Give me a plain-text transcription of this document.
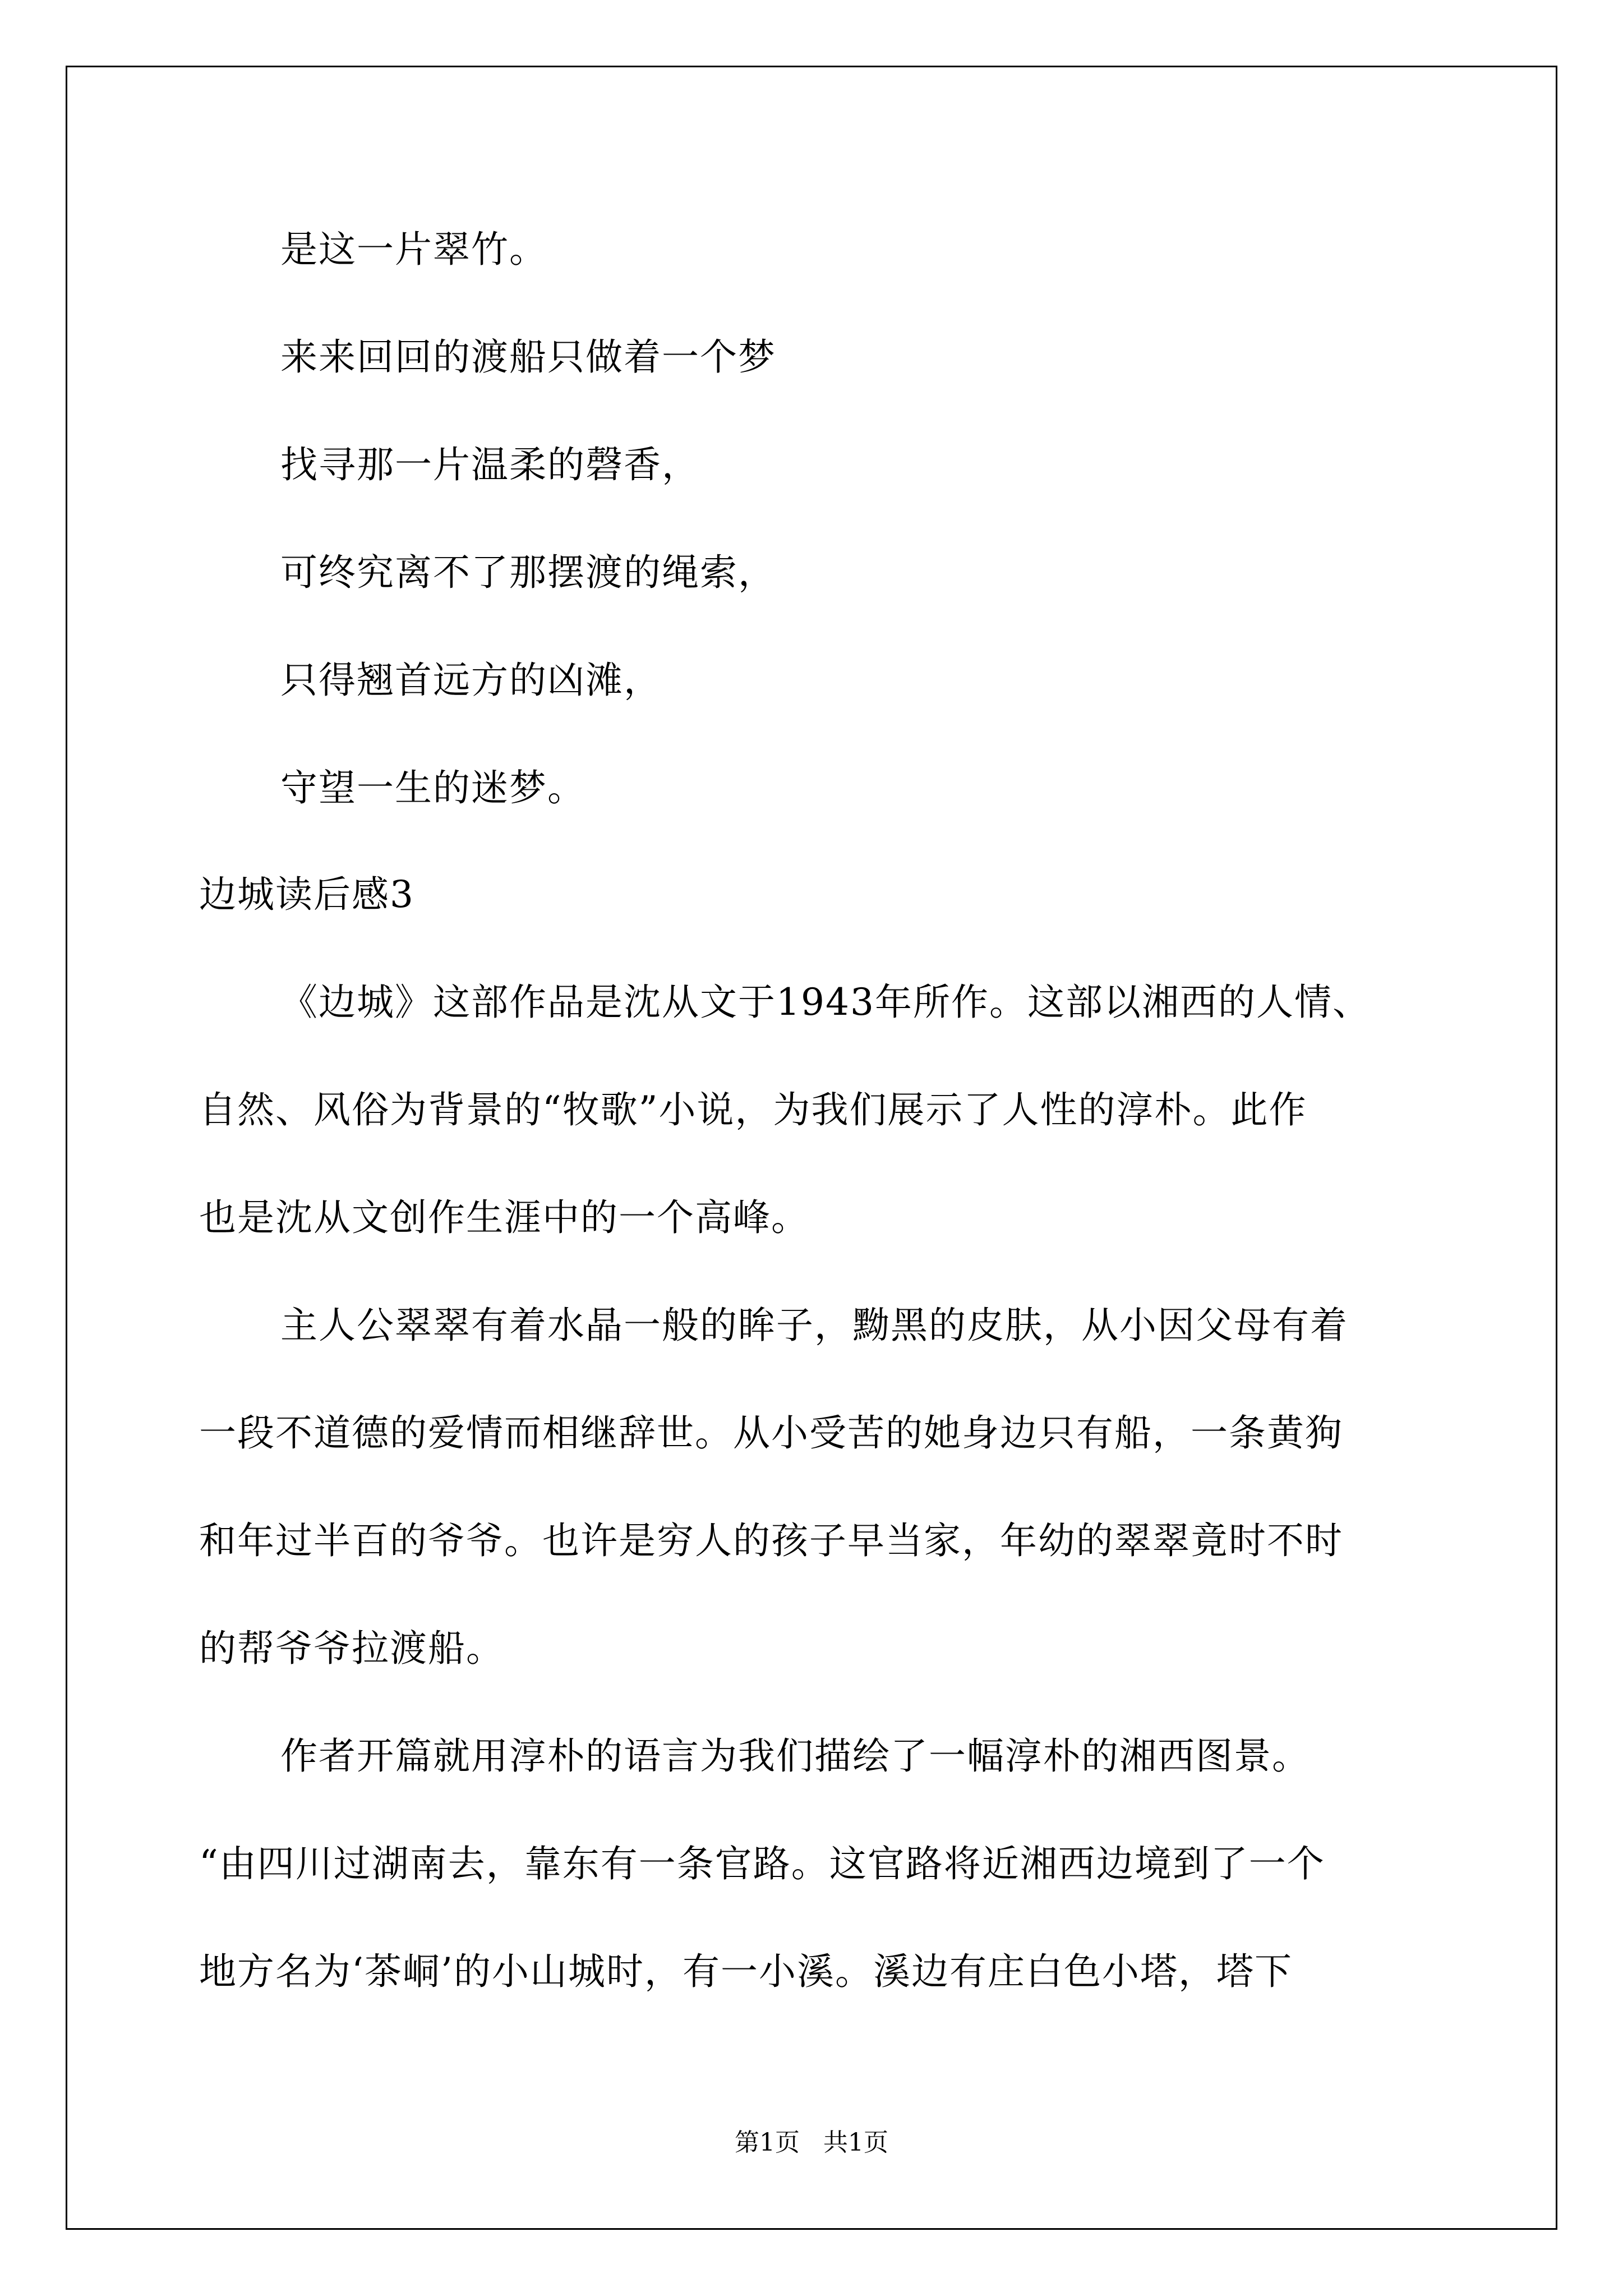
是这一片翠竹。
来来回回的渡船只做着一个梦
找寻那一片温柔的磬香，
可终究离不了那摆渡的绳索，
只得翘首远方的凶滩，
守望一生的迷梦。
边城读后感3
《边城》这部作品是沈从文于1943年所作。这部以湘西的人情、
自然、风俗为背景的“牧歌”小说，为我们展示了人性的淳朴。此作
也是沈从文创作生涯中的一个高峰。
主人公翠翠有着水晶一般的眸子，黝黑的皮肤，从小因父母有着
一段不道德的爱情而相继辞世。从小受苦的她身边只有船，一条黄狗
和年过半百的爷爷。也许是穷人的孩子早当家，年幼的翠翠竟时不时
的帮爷爷拉渡船。
作者开篇就用淳朴的语言为我们描绘了一幅淳朴的湘西图景。
“由四川过湖南去，靠东有一条官路。这官路将近湘西边境到了一个
地方名为‘茶峒’的小山城时，有一小溪。溪边有庄白色小塔，塔下
第1页   共1页
